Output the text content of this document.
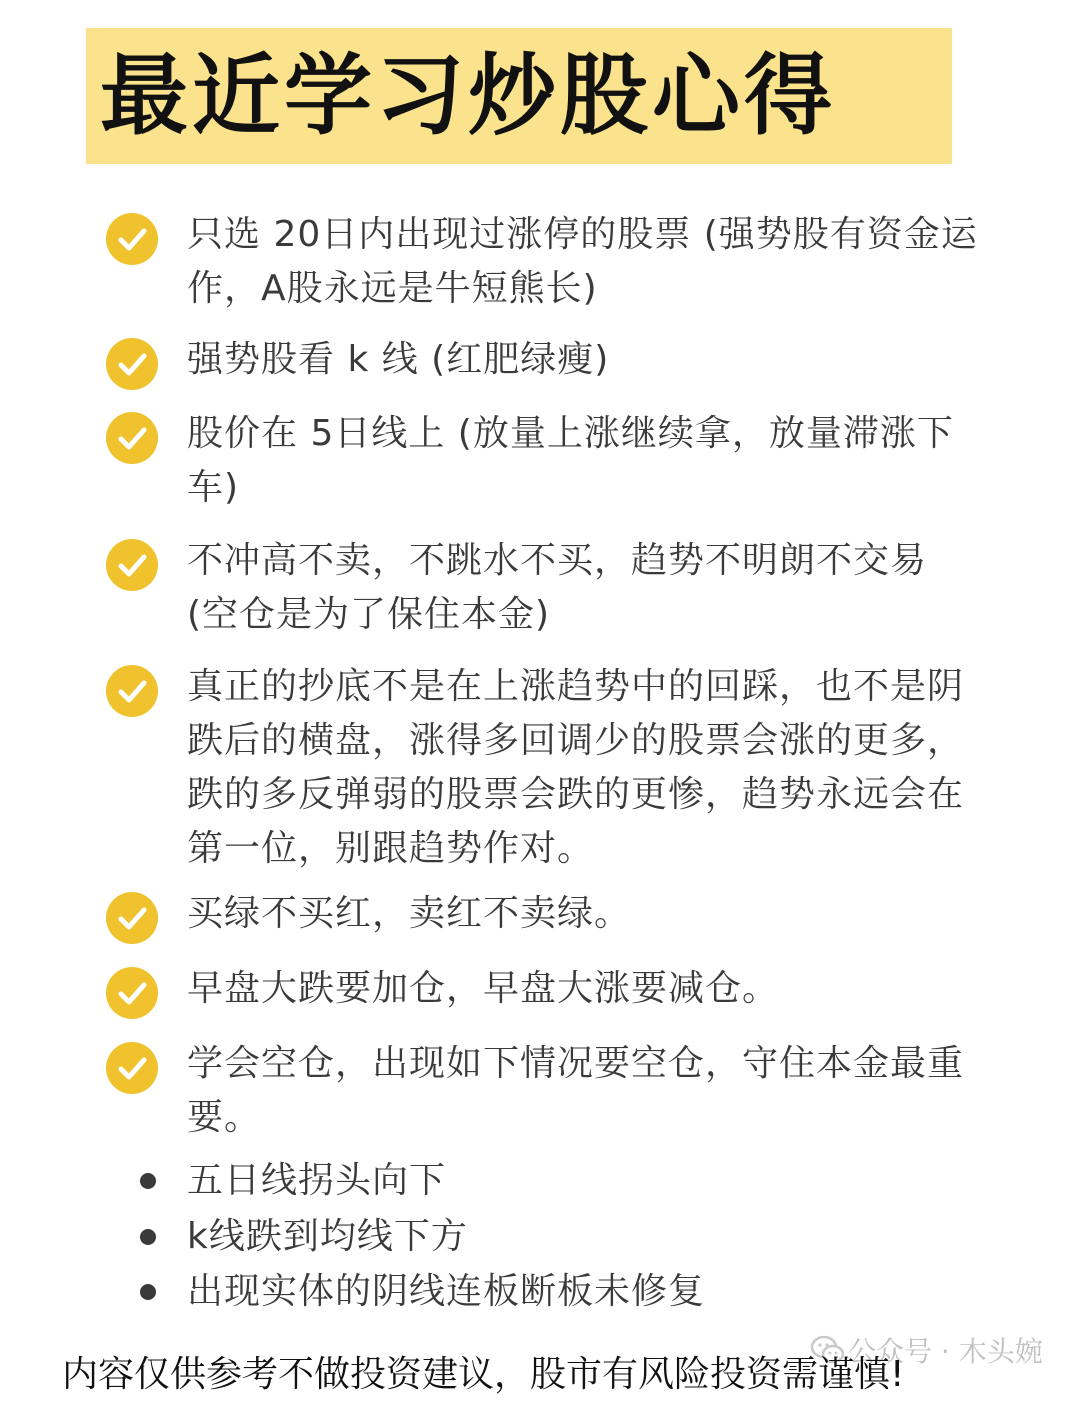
最近学习炒股心得
只选 20日内出现过涨停的股票 (强势股有资金运作，A股永远是牛短熊长)
强势股看 k 线 (红肥绿瘦)
股价在 5日线上 (放量上涨继续拿，放量滞涨下车)
不冲高不卖，不跳水不买，趋势不明朗不交易 (空仓是为了保住本金)
真正的抄底不是在上涨趋势中的回踩，也不是阴跌后的横盘，涨得多回调少的股票会涨的更多，跌的多反弹弱的股票会跌的更惨，趋势永远会在第一位，别跟趋势作对。
买绿不买红，卖红不卖绿。
早盘大跌要加仓，早盘大涨要减仓。
学会空仓，出现如下情况要空仓，守住本金最重要。
五日线拐头向下
k线跌到均线下方
出现实体的阴线连板断板未修复
公众号 · 木头婉
内容仅供参考不做投资建议，股市有风险投资需谨慎!
